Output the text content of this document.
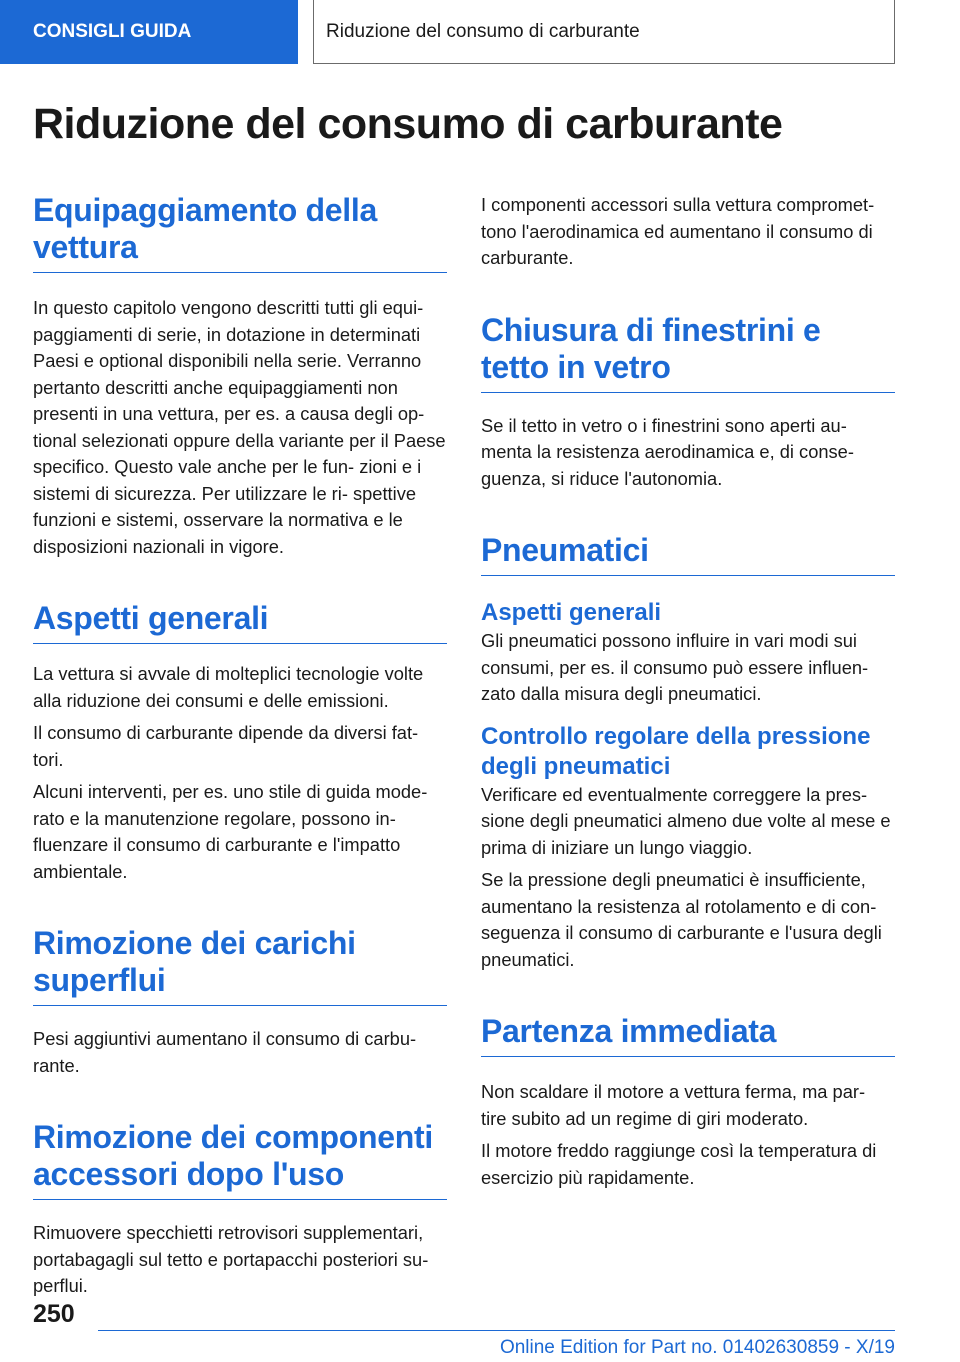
CONSIGLI GUIDA	Riduzione del consumo di carburante
Riduzione del consumo di carburante
Equipaggiamento della vettura

In questo capitolo vengono descritti tutti gli equi‐ paggiamenti di serie, in dotazione in determinati Paesi e optional disponibili nella serie. Verranno pertanto descritti anche equipaggiamenti non presenti in una vettura, per es. a causa degli op‐ tional selezionati oppure della variante per il Paese specifico. Questo vale anche per le fun‐ zioni e i sistemi di sicurezza. Per utilizzare le ri‐ spettive funzioni e sistemi, osservare la normativa e le disposizioni nazionali in vigore.

Aspetti generali

La vettura si avvale di molteplici tecnologie volte alla riduzione dei consumi e delle emissioni.

Il consumo di carburante dipende da diversi fat‐ tori.

Alcuni interventi, per es. uno stile di guida mode‐ rato e la manutenzione regolare, possono in‐ fluenzare il consumo di carburante e l'impatto ambientale.

Rimozione dei carichi superflui

Pesi aggiuntivi aumentano il consumo di carbu‐ rante.

Rimozione dei componenti accessori dopo l'uso

Rimuovere specchietti retrovisori supplementari, portabagagli sul tetto e portapacchi posteriori su‐ perflui.

I componenti accessori sulla vettura compromet‐ tono l'aerodinamica ed aumentano il consumo di carburante.

Chiusura di finestrini e tetto in vetro

Se il tetto in vetro o i finestrini sono aperti au‐ menta la resistenza aerodinamica e, di conse‐ guenza, si riduce l'autonomia.

Pneumatici
Aspetti generali

Gli pneumatici possono influire in vari modi sui consumi, per es. il consumo può essere influen‐ zato dalla misura degli pneumatici.

Controllo regolare della pressione degli pneumatici

Verificare ed eventualmente correggere la pres‐ sione degli pneumatici almeno due volte al mese e prima di iniziare un lungo viaggio.

Se la pressione degli pneumatici è insufficiente, aumentano la resistenza al rotolamento e di con‐ seguenza il consumo di carburante e l'usura degli pneumatici.

Partenza immediata

Non scaldare il motore a vettura ferma, ma par‐ tire subito ad un regime di giri moderato.

Il motore freddo raggiunge così la temperatura di esercizio più rapidamente.

250
Online Edition for Part no. 01402630859 - X/19
